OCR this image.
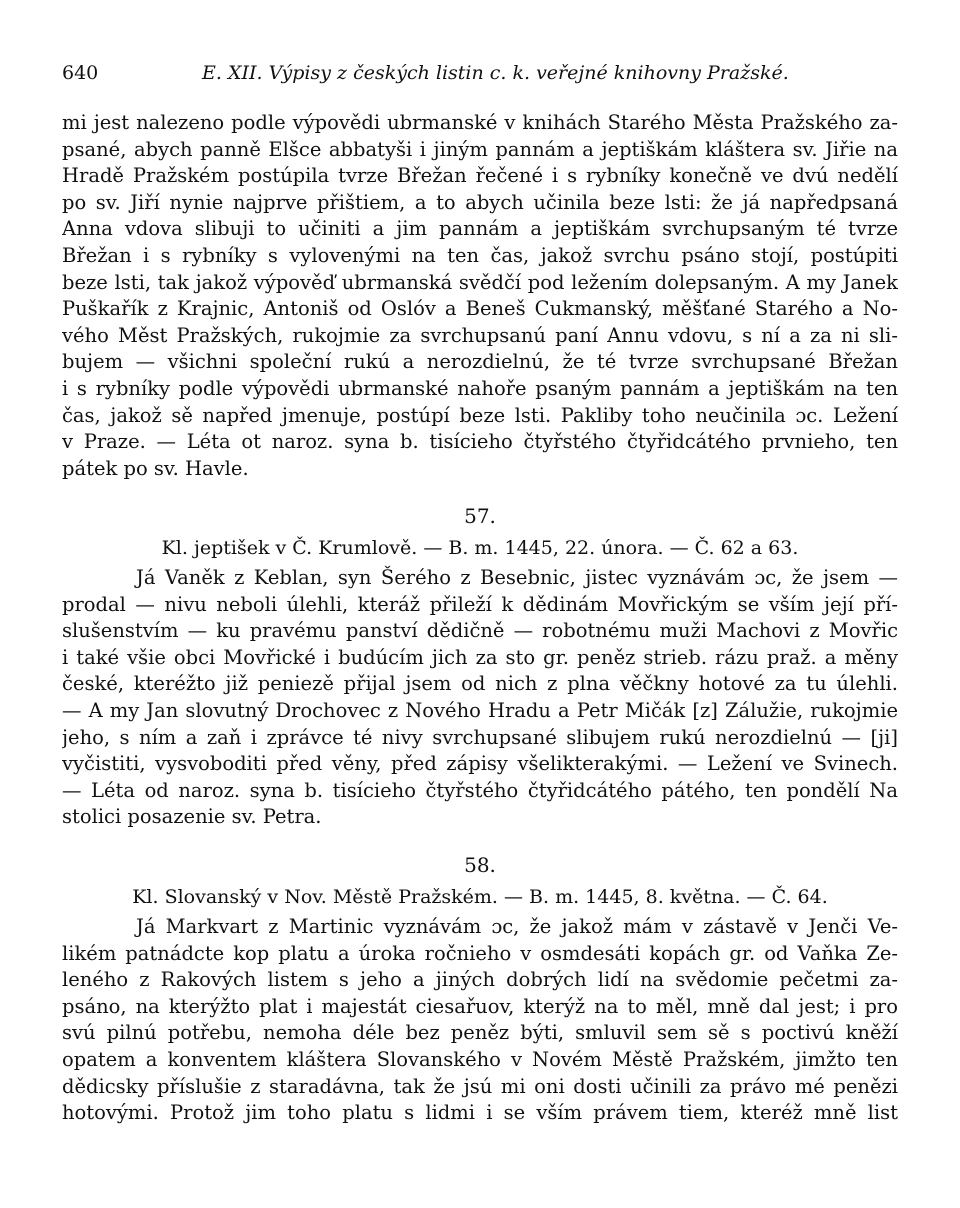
640	E. XII. Výpisy z českých listin c. k. veřejné knihovny Pražské.
mi jest nalezeno podle výpovědi ubrmanské v knihách Starého Města Pražského za-
psané, abych panně Elšce abbatyši i jiným pannám a jeptiškám kláštera sv. Jiřie na
Hradě Pražském postúpila tvrze Břežan řečené i s rybníky konečně ve dvú nedělí
po sv. Jiří nynie najprve přištiem, a to abych učinila beze lsti: že já napředpsaná
Anna vdova slibuji to učiniti a jim pannám a jeptiškám svrchupsaným té tvrze
Břežan i s rybníky s vylovenými na ten čas, jakož svrchu psáno stojí, postúpiti
beze lsti, tak jakož výpověď ubrmanská svědčí pod ležením dolepsaným. A my Janek
Puškařík z Krajnic, Antoniš od Oslóv a Beneš Cukmanský, měšťané Starého a No-
vého Měst Pražských, rukojmie za svrchupsanú paní Annu vdovu, s ní a za ni sli-
bujem — všichni společní rukú a nerozdielnú, že té tvrze svrchupsané Břežan
i s rybníky podle výpovědi ubrmanské nahoře psaným pannám a jeptiškám na ten
čas, jakož sě napřed jmenuje, postúpí beze lsti. Pakliby toho neučinila ɔc. Ležení
v Praze. — Léta ot naroz. syna b. tisícieho čtyřstého čtyřidcátého prvnieho, ten
pátek po sv. Havle.
57.
Kl. jeptišek v Č. Krumlově. — B. m. 1445, 22. února. — Č. 62 a 63.
Já Vaněk z Keblan, syn Šerého z Besebnic, jistec vyznávám ɔc, že jsem —
prodal — nivu neboli úlehli, kteráž přileží k dědinám Movřickým se vším její pří-
slušenstvím — ku pravému panství dědičně — robotnému muži Machovi z Movřic
i také všie obci Movřické i budúcím jich za sto gr. peněz strieb. rázu praž. a měny
české, kteréžto již peniezě přijal jsem od nich z plna věčkny hotové za tu úlehli.
— A my Jan slovutný Drochovec z Nového Hradu a Petr Mičák [z] Zálužie, rukojmie
jeho, s ním a zaň i zprávce té nivy svrchupsané slibujem rukú nerozdielnú — [ji]
vyčistiti, vysvoboditi před věny, před zápisy všelikterakými. — Ležení ve Svinech.
— Léta od naroz. syna b. tisícieho čtyřstého čtyřidcátého pátého, ten pondělí Na
stolici posazenie sv. Petra.
58.
Kl. Slovanský v Nov. Městě Pražském. — B. m. 1445, 8. května. — Č. 64.
Já Markvart z Martinic vyznávám ɔc, že jakož mám v zástavě v Jenči Ve-
likém patnádcte kop platu a úroka ročnieho v osmdesáti kopách gr. od Vaňka Ze-
leného z Rakových listem s jeho a jiných dobrých lidí na svědomie pečetmi za-
psáno, na kterýžto plat i majestát ciesařuov, kterýž na to měl, mně dal jest; i pro
svú pilnú potřebu, nemoha déle bez peněz býti, smluvil sem sě s poctivú kněží
opatem a konventem kláštera Slovanského v Novém Městě Pražském, jimžto ten
dědicsky příslušie z staradávna, tak že jsú mi oni dosti učinili za právo mé penězi
hotovými. Protož jim toho platu s lidmi i se vším právem tiem, kteréž mně list
